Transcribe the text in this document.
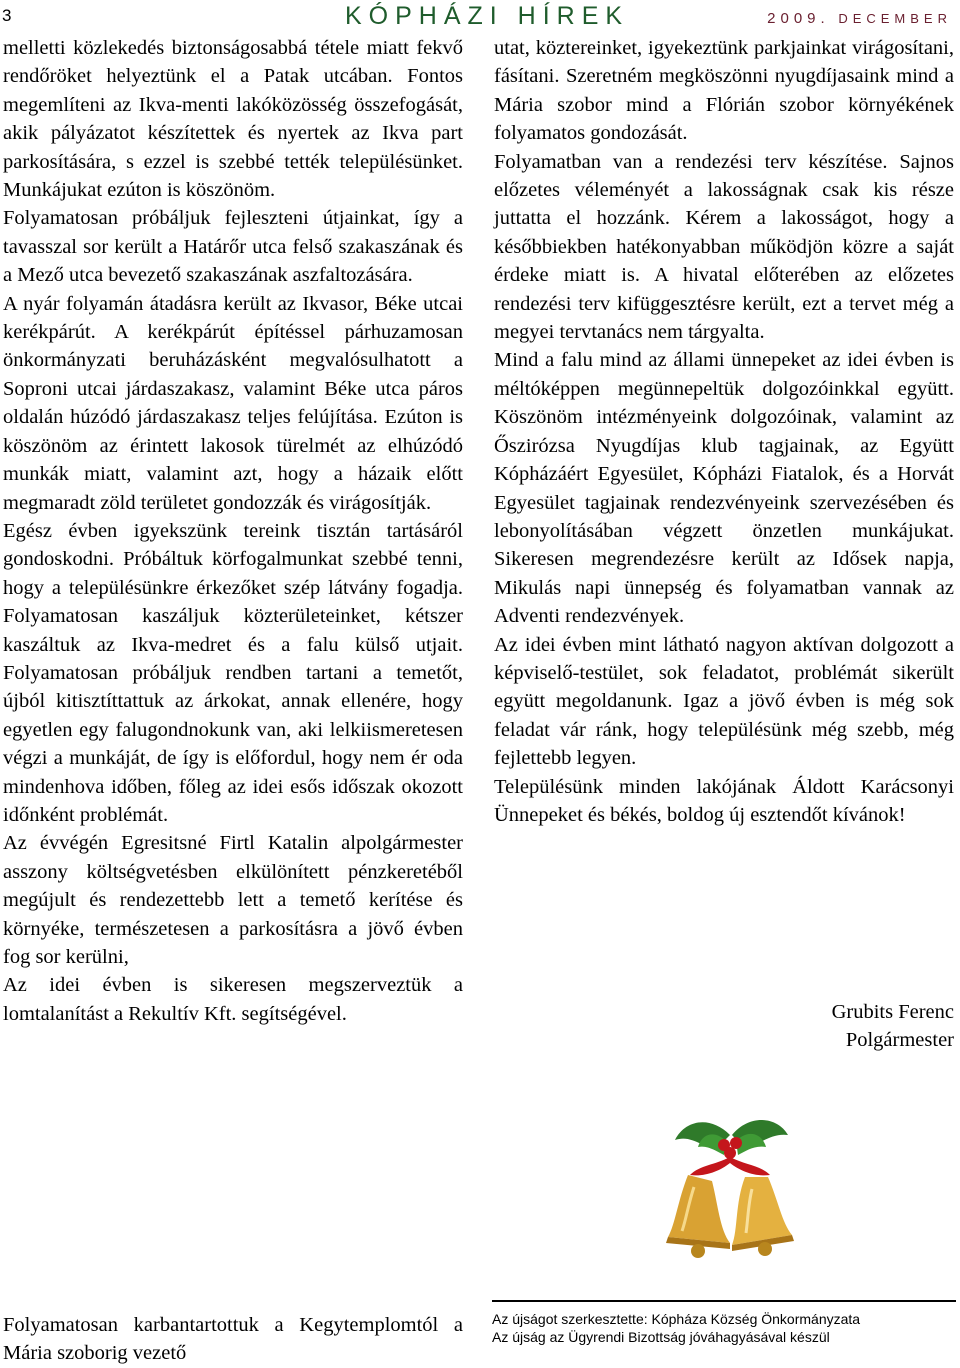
3	KÓPHÁZI HÍREK	2009. DECEMBER

melletti közlekedés biztonságosabbá tétele miatt fekvő rendőröket helyeztünk el a Patak utcában. Fontos megemlíteni az Ikva-menti lakóközösség összefogását, akik pályázatot készítettek és nyertek az Ikva part parkosítására, s ezzel is szebbé tették településünket. Munkájukat ezúton is köszönöm.

Folyamatosan próbáljuk fejleszteni útjainkat, így a tavasszal sor került a Határőr utca felső szakaszának és a Mező utca bevezető szakaszának aszfaltozására.

A nyár folyamán átadásra került az Ikvasor, Béke utcai kerékpárút. A kerékpárút építéssel párhuzamosan önkormányzati beruházásként megvalósulhatott a Soproni utcai járdaszakasz, valamint Béke utca páros oldalán húzódó járdaszakasz teljes felújítása. Ezúton is köszönöm az érintett lakosok türelmét az elhúzódó munkák miatt, valamint azt, hogy a házaik előtt megmaradt zöld területet gondozzák és virágosítják.

Egész évben igyekszünk tereink tisztán tartásáról gondoskodni. Próbáltuk körfogalmunkat szebbé tenni, hogy a településünkre érkezőket szép látvány fogadja. Folyamatosan kaszáljuk közterületeinket, kétszer kaszáltuk az Ikva-medret és a falu külső utjait. Folyamatosan próbáljuk rendben tartani a temetőt, újból kitisztíttattuk az árkokat, annak ellenére, hogy egyetlen egy falugondnokunk van, aki lelkiismeretesen végzi a munkáját, de így is előfordul, hogy nem ér oda mindenhova időben, főleg az idei esős időszak okozott időnként problémát.

Az évvégén Egresitsné Firtl Katalin alpolgármester asszony költségvetésben elkülönített pénzkeretéből megújult és rendezettebb lett a temető kerítése és környéke, természetesen a parkosításra a jövő évben fog sor kerülni,

Az idei évben is sikeresen megszerveztük a lomtalanítást a Rekultív Kft. segítségével.

utat, köztereinket, igyekeztünk parkjainkat virágosítani, fásítani. Szeretném megköszönni nyugdíjasaink mind a Mária szobor mind a Flórián szobor környékének folyamatos gondozását.

Folyamatban van a rendezési terv készítése. Sajnos előzetes véleményét a lakosságnak csak kis része juttatta el hozzánk. Kérem a lakosságot, hogy a későbbiekben hatékonyabban működjön közre a saját érdeke miatt is. A hivatal előterében az előzetes rendezési terv kifüggesztésre került, ezt a tervet még a megyei tervtanács nem tárgyalta.

Mind a falu mind az állami ünnepeket az idei évben is méltóképpen megünnepeltük dolgozóinkkal együtt. Köszönöm intézményeink dolgozóinak, valamint az Őszirózsa Nyugdíjas klub tagjainak, az Együtt Kópházáért Egyesület, Kópházi Fiatalok, és a Horvát Egyesület tagjainak rendezvényeink szervezésében és lebonyolításában végzett önzetlen munkájukat. Sikeresen megrendezésre került az Idősek napja, Mikulás napi ünnepség és folyamatban vannak az Adventi rendezvények.

Az idei évben mint látható nagyon aktívan dolgozott a képviselő-testület, sok feladatot, problémát sikerült együtt megoldanunk. Igaz a jövő évben is még sok feladat vár ránk, hogy településünk még szebb, még fejlettebb legyen.

Településünk minden lakójának Áldott Karácsonyi Ünnepeket és békés, boldog új esztendőt kívánok!

Grubits Ferenc
Polgármester
Folyamatosan karbantartottuk a Kegytemplomtól a Mária szoborig vezető
Az újságot szerkesztette: Kópháza Község Önkormányzata
Az újság az Ügyrendi Bizottság jóváhagyásával készül
